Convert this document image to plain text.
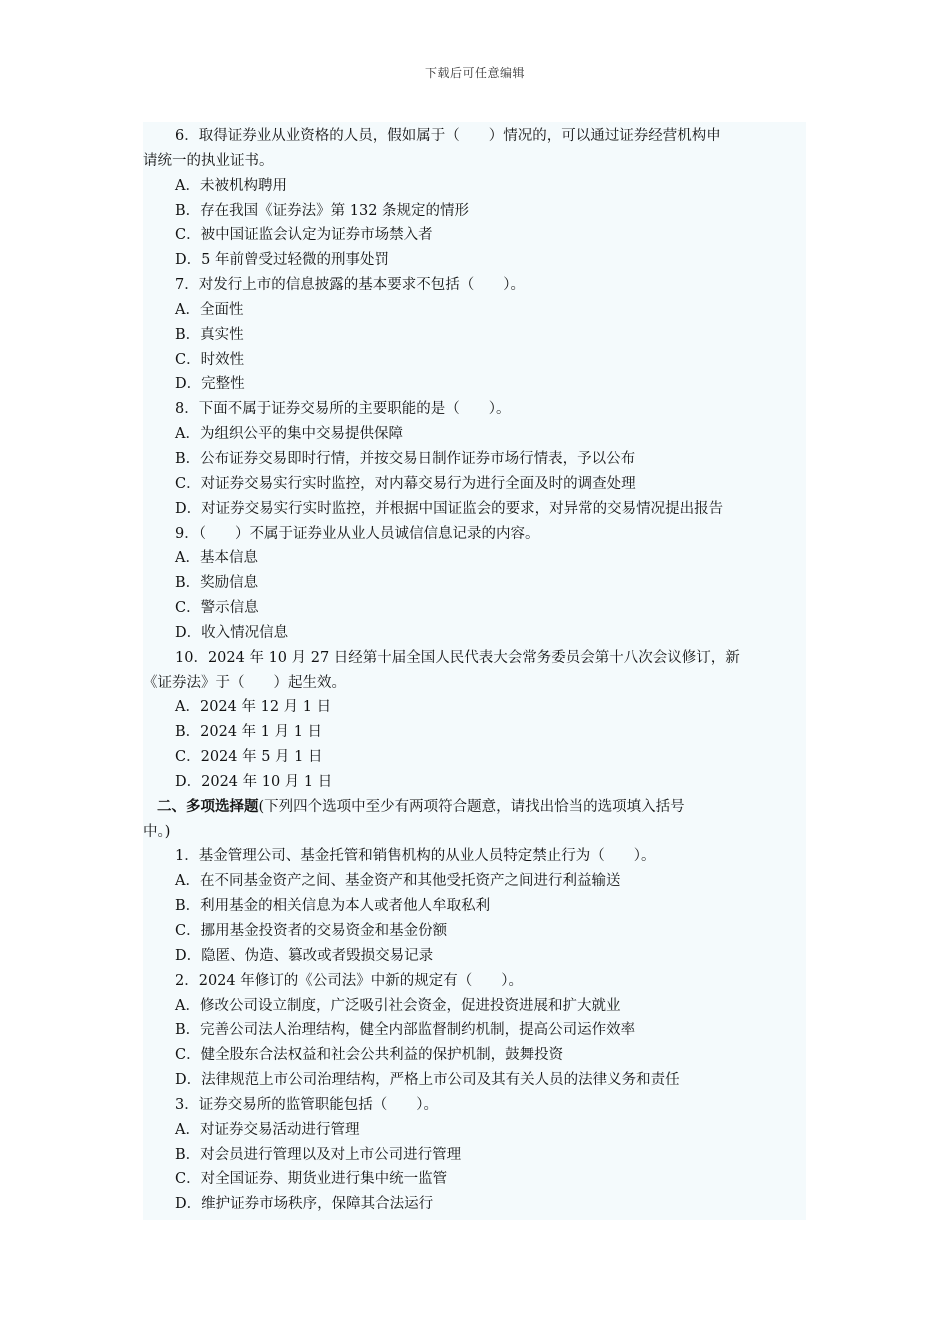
下载后可任意编辑
6．取得证券业从业资格的人员，假如属于（　　）情况的，可以通过证券经营机构申
请统一的执业证书。
A．未被机构聘用
B．存在我国《证券法》第 132 条规定的情形
C．被中国证监会认定为证券市场禁入者
D．5 年前曾受过轻微的刑事处罚
7．对发行上市的信息披露的基本要求不包括（　　）。
A．全面性
B．真实性
C．时效性
D．完整性
8．下面不属于证券交易所的主要职能的是（　　）。
A．为组织公平的集中交易提供保障
B．公布证券交易即时行情，并按交易日制作证券市场行情表，予以公布
C．对证券交易实行实时监控，对内幕交易行为进行全面及时的调查处理
D．对证券交易实行实时监控，并根据中国证监会的要求，对异常的交易情况提出报告
9．（　　）不属于证券业从业人员诚信信息记录的内容。
A．基本信息
B．奖励信息
C．警示信息
D．收入情况信息
10．2024 年 10 月 27 日经第十届全国人民代表大会常务委员会第十八次会议修订，新
《证券法》于（　　）起生效。
A．2024 年 12 月 1 日
B．2024 年 1 月 1 日
C．2024 年 5 月 1 日
D．2024 年 10 月 1 日
二、多项选择题(下列四个选项中至少有两项符合题意，请找出恰当的选项填入括号
中。)
1．基金管理公司、基金托管和销售机构的从业人员特定禁止行为（　　）。
A．在不同基金资产之间、基金资产和其他受托资产之间进行利益输送
B．利用基金的相关信息为本人或者他人牟取私利
C．挪用基金投资者的交易资金和基金份额
D．隐匿、伪造、篡改或者毁损交易记录
2．2024 年修订的《公司法》中新的规定有（　　）。
A．修改公司设立制度，广泛吸引社会资金，促进投资进展和扩大就业
B．完善公司法人治理结构，健全内部监督制约机制，提高公司运作效率
C．健全股东合法权益和社会公共利益的保护机制，鼓舞投资
D．法律规范上市公司治理结构，严格上市公司及其有关人员的法律义务和责任
3．证券交易所的监管职能包括（　　）。
A．对证券交易活动进行管理
B．对会员进行管理以及对上市公司进行管理
C．对全国证券、期货业进行集中统一监管
D．维护证券市场秩序，保障其合法运行
